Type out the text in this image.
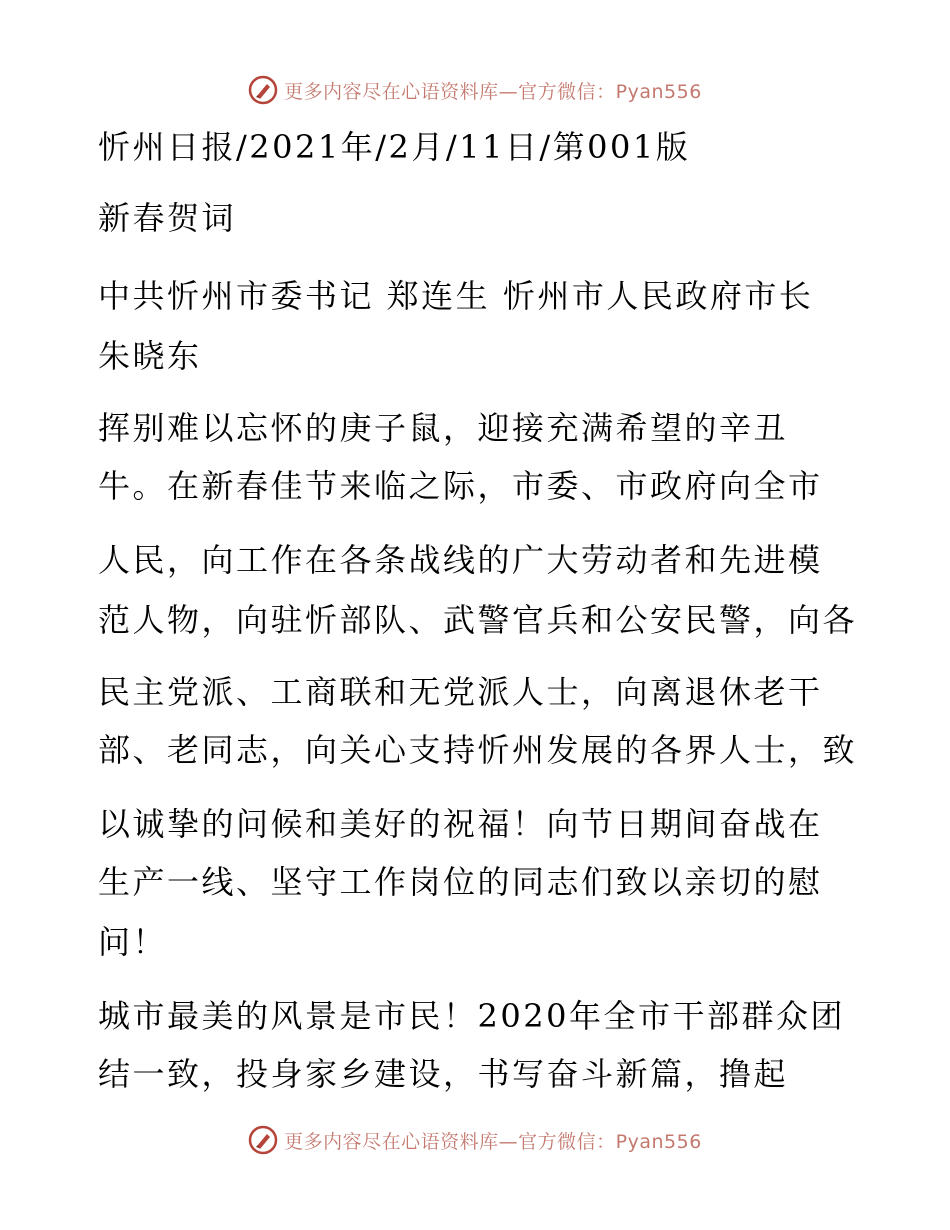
更多内容尽在心语资料库—官方微信：Pyan556
忻州日报/2021年/2月/11日/第001版
新春贺词
中共忻州市委书记 郑连生 忻州市人民政府市长
朱晓东
挥别难以忘怀的庚子鼠，迎接充满希望的辛丑
牛。在新春佳节来临之际，市委、市政府向全市
人民，向工作在各条战线的广大劳动者和先进模
范人物，向驻忻部队、武警官兵和公安民警，向各
民主党派、工商联和无党派人士，向离退休老干
部、老同志，向关心支持忻州发展的各界人士，致
以诚挚的问候和美好的祝福！向节日期间奋战在
生产一线、坚守工作岗位的同志们致以亲切的慰
问！
城市最美的风景是市民！2020年全市干部群众团
结一致，投身家乡建设，书写奋斗新篇，撸起
更多内容尽在心语资料库—官方微信：Pyan556
